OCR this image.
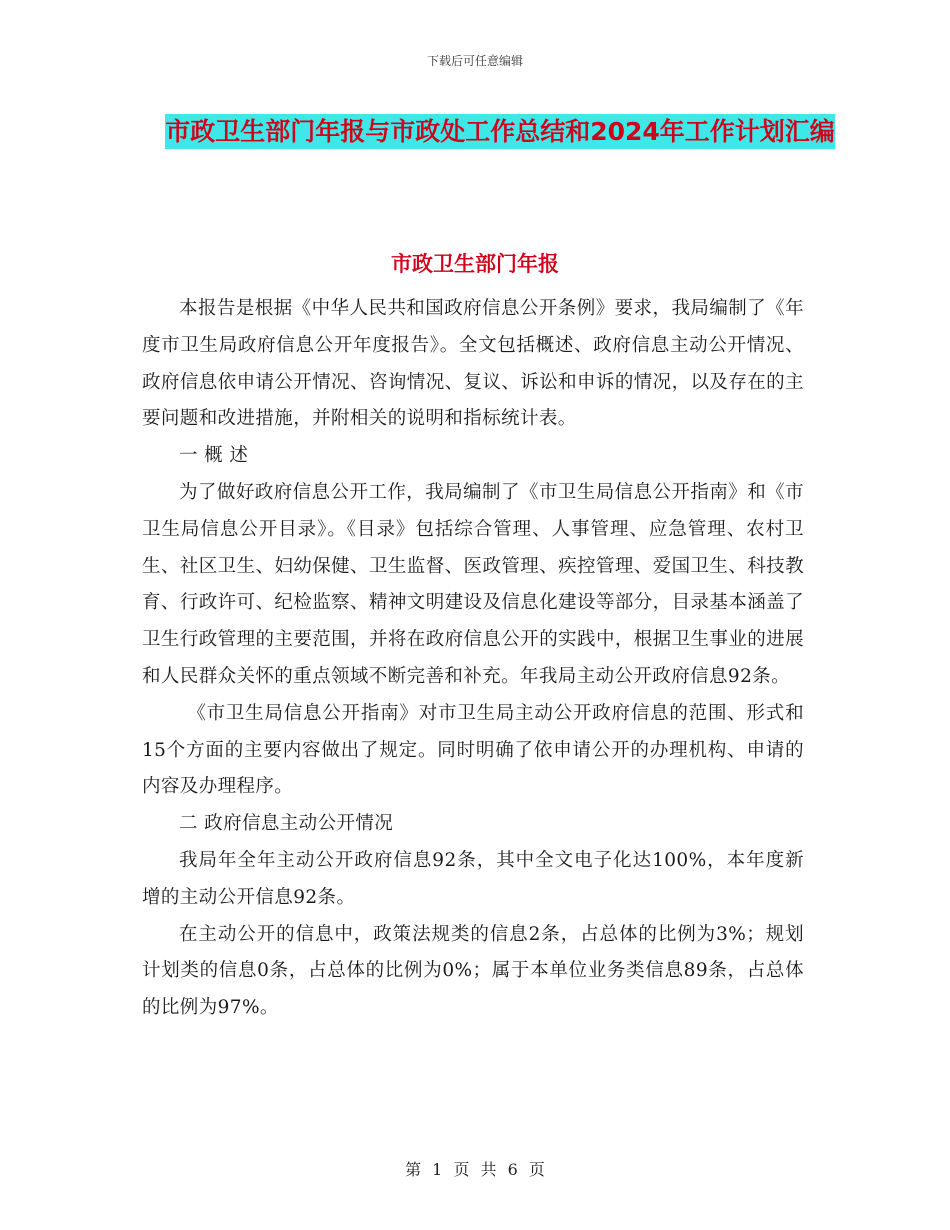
下载后可任意编辑
市政卫生部门年报与市政处工作总结和2024年工作计划汇编
市政卫生部门年报

本报告是根据《中华人民共和国政府信息公开条例》要求，我局编制了《年度市卫生局政府信息公开年度报告》。全文包括概述、政府信息主动公开情况、政府信息依申请公开情况、咨询情况、复议、诉讼和申诉的情况，以及存在的主要问题和改进措施，并附相关的说明和指标统计表。

一 概 述

为了做好政府信息公开工作，我局编制了《市卫生局信息公开指南》和《市卫生局信息公开目录》。《目录》包括综合管理、人事管理、应急管理、农村卫生、社区卫生、妇幼保健、卫生监督、医政管理、疾控管理、爱国卫生、科技教育、行政许可、纪检监察、精神文明建设及信息化建设等部分，目录基本涵盖了卫生行政管理的主要范围，并将在政府信息公开的实践中，根据卫生事业的进展和人民群众关怀的重点领域不断完善和补充。年我局主动公开政府信息92条。

《市卫生局信息公开指南》对市卫生局主动公开政府信息的范围、形式和15个方面的主要内容做出了规定。同时明确了依申请公开的办理机构、申请的内容及办理程序。

二 政府信息主动公开情况

我局年全年主动公开政府信息92条，其中全文电子化达100%，本年度新增的主动公开信息92条。

在主动公开的信息中，政策法规类的信息2条，占总体的比例为3%；规划计划类的信息0条，占总体的比例为0%；属于本单位业务类信息89条，占总体的比例为97%。

第 1 页 共 6 页
